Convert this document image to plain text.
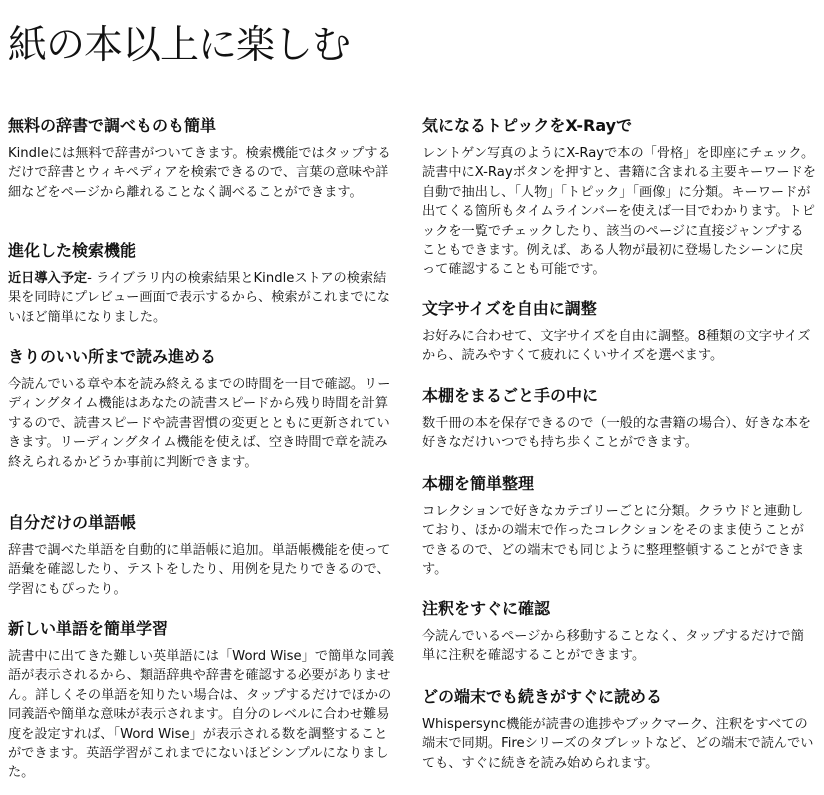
紙の本以上に楽しむ
無料の辞書で調べものも簡単

Kindleには無料で辞書がついてきます。検索機能ではタップするだけで辞書とウィキペディアを検索できるので、言葉の意味や詳細などをページから離れることなく調べることができます。

進化した検索機能

近日導入予定- ライブラリ内の検索結果とKindleストアの検索結果を同時にプレビュー画面で表示するから、検索がこれまでにないほど簡単になりました。

きりのいい所まで読み進める

今読んでいる章や本を読み終えるまでの時間を一目で確認。リーディングタイム機能はあなたの読書スピードから残り時間を計算するので、読書スピードや読書習慣の変更とともに更新されていきます。リーディングタイム機能を使えば、空き時間で章を読み終えられるかどうか事前に判断できます。

自分だけの単語帳

辞書で調べた単語を自動的に単語帳に追加。単語帳機能を使って語彙を確認したり、テストをしたり、用例を見たりできるので、学習にもぴったり。

新しい単語を簡単学習

読書中に出てきた難しい英単語には「Word Wise」で簡単な同義語が表示されるから、類語辞典や辞書を確認する必要がありません。詳しくその単語を知りたい場合は、タップするだけでほかの同義語や簡単な意味が表示されます。自分のレベルに合わせ難易度を設定すれば、「Word Wise」が表示される数を調整することができます。英語学習がこれまでにないほどシンプルになりました。

気になるトピックをX-Rayで

レントゲン写真のようにX-Rayで本の「骨格」を即座にチェック。読書中にX-Rayボタンを押すと、書籍に含まれる主要キーワードを自動で抽出し、「人物」「トピック」「画像」に分類。キーワードが出てくる箇所もタイムラインバーを使えば一目でわかります。トピックを一覧でチェックしたり、該当のページに直接ジャンプすることもできます。例えば、ある人物が最初に登場したシーンに戻って確認することも可能です。

文字サイズを自由に調整

お好みに合わせて、文字サイズを自由に調整。8種類の文字サイズから、読みやすくて疲れにくいサイズを選べます。

本棚をまるごと手の中に

数千冊の本を保存できるので（一般的な書籍の場合）、好きな本を好きなだけいつでも持ち歩くことができます。

本棚を簡単整理

コレクションで好きなカテゴリーごとに分類。クラウドと連動しており、ほかの端末で作ったコレクションをそのまま使うことができるので、どの端末でも同じように整理整頓することができます。

注釈をすぐに確認

今読んでいるページから移動することなく、タップするだけで簡単に注釈を確認することができます。

どの端末でも続きがすぐに読める

Whispersync機能が読書の進捗やブックマーク、注釈をすべての端末で同期。Fireシリーズのタブレットなど、どの端末で読んでいても、すぐに続きを読み始められます。
